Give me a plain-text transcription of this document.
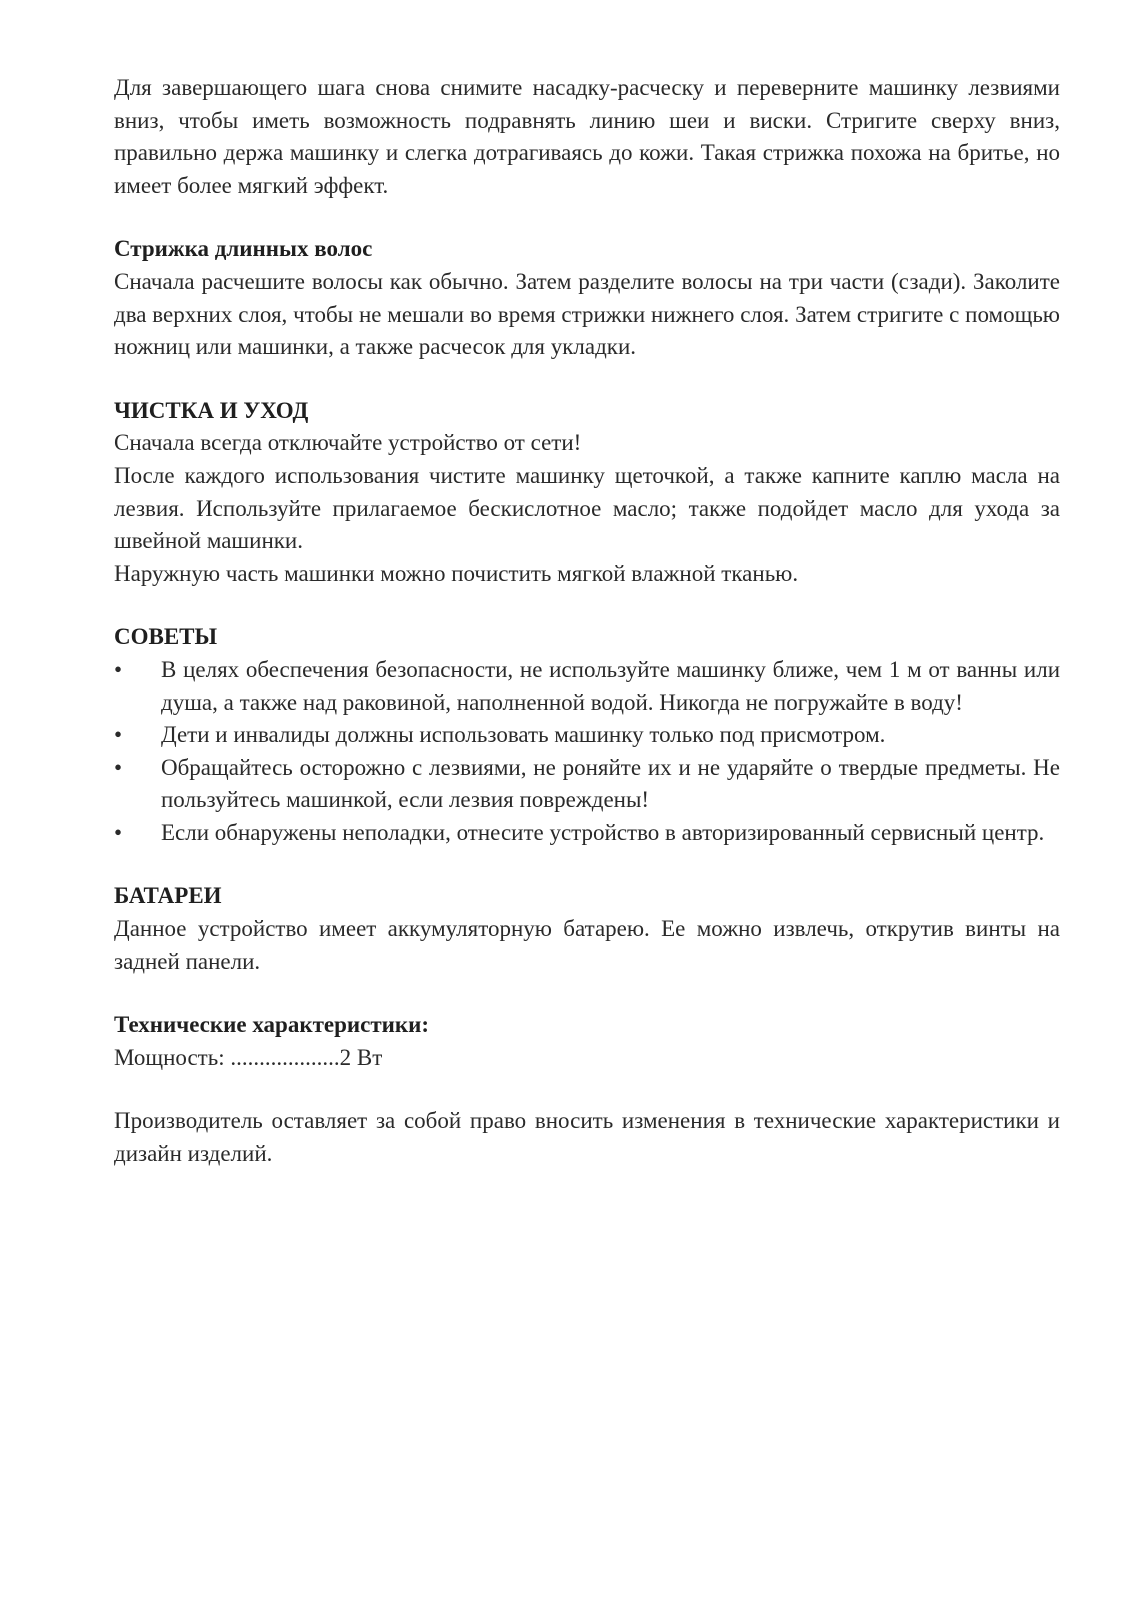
Для завершающего шага снова снимите насадку-расческу и переверните машинку лезвиями вниз, чтобы иметь возможность подравнять линию шеи и виски. Стригите сверху вниз, правильно держа машинку и слегка дотрагиваясь до кожи. Такая стрижка похожа на бритье, но имеет более мягкий эффект.

Стрижка длинных волос

Сначала расчешите волосы как обычно. Затем разделите волосы на три части (сзади). Заколите два верхних слоя, чтобы не мешали во время стрижки нижнего слоя. Затем стригите с помощью ножниц или машинки, а также расчесок для укладки.

ЧИСТКА И УХОД

Сначала всегда отключайте устройство от сети!

После каждого использования чистите машинку щеточкой, а также капните каплю масла на лезвия. Используйте прилагаемое бескислотное масло; также подойдет масло для ухода за швейной машинки.

Наружную часть машинки можно почистить мягкой влажной тканью.

СОВЕТЫ

•	В целях обеспечения безопасности, не используйте машинку ближе, чем 1 м от ванны или душа, а также над раковиной, наполненной водой. Никогда не погружайте в воду!
•	Дети и инвалиды должны использовать машинку только под присмотром.
•	Обращайтесь осторожно с лезвиями, не роняйте их и не ударяйте о твердые предметы. Не пользуйтесь машинкой, если лезвия повреждены!
•	Если обнаружены неполадки, отнесите устройство в авторизированный сервисный центр.

БАТАРЕИ

Данное устройство имеет аккумуляторную батарею. Ее можно извлечь, открутив винты на задней панели.

Технические характеристики:

Мощность: ...................2 Вт

Производитель оставляет за собой право вносить изменения в технические характеристики и дизайн изделий.
